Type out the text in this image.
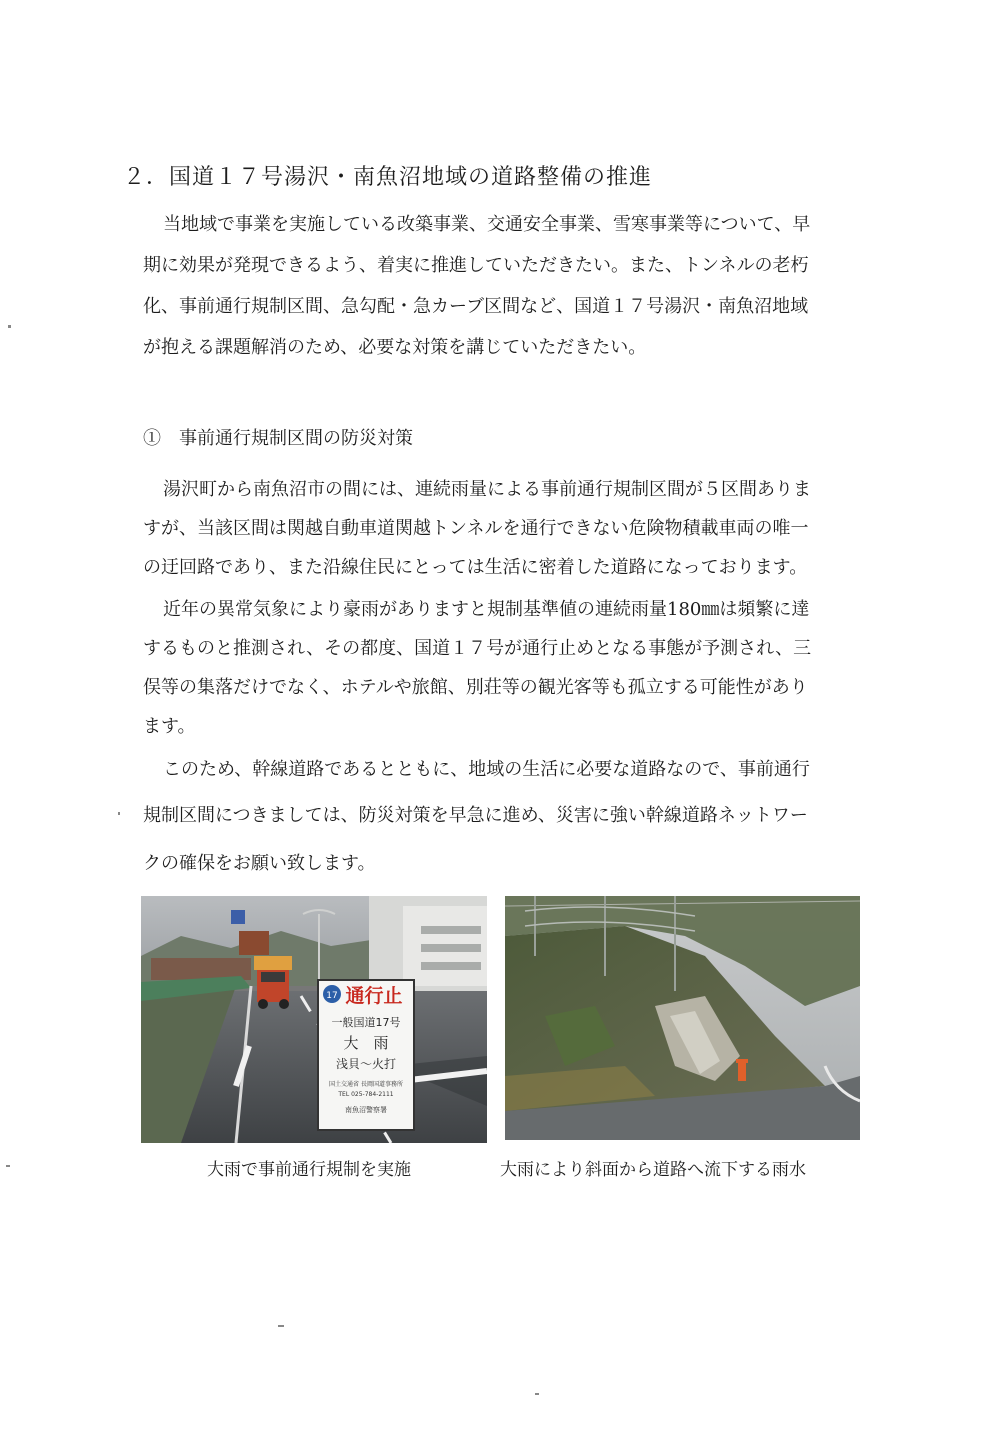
２．国道１７号湯沢・南魚沼地域の道路整備の推進
当地域で事業を実施している改築事業、交通安全事業、雪寒事業等について、早
期に効果が発現できるよう、着実に推進していただきたい。また、トンネルの老朽
化、事前通行規制区間、急勾配・急カーブ区間など、国道１７号湯沢・南魚沼地域
が抱える課題解消のため、必要な対策を講じていただきたい。
①　事前通行規制区間の防災対策
湯沢町から南魚沼市の間には、連続雨量による事前通行規制区間が５区間ありま
すが、当該区間は関越自動車道関越トンネルを通行できない危険物積載車両の唯一
の迂回路であり、また沿線住民にとっては生活に密着した道路になっております。
近年の異常気象により豪雨がありますと規制基準値の連続雨量180㎜は頻繁に達
するものと推測され、その都度、国道１７号が通行止めとなる事態が予測され、三
俣等の集落だけでなく、ホテルや旅館、別荘等の観光客等も孤立する可能性があり
ます。
このため、幹線道路であるとともに、地域の生活に必要な道路なので、事前通行
規制区間につきましては、防災対策を早急に進め、災害に強い幹線道路ネットワー
クの確保をお願い致します。
17 通行止
一般国道17号
大　雨
浅貝～火打
国土交通省 長岡国道事務所
TEL 025-784-2111
南魚沼警察署
大雨で事前通行規制を実施	大雨により斜面から道路へ流下する雨水
